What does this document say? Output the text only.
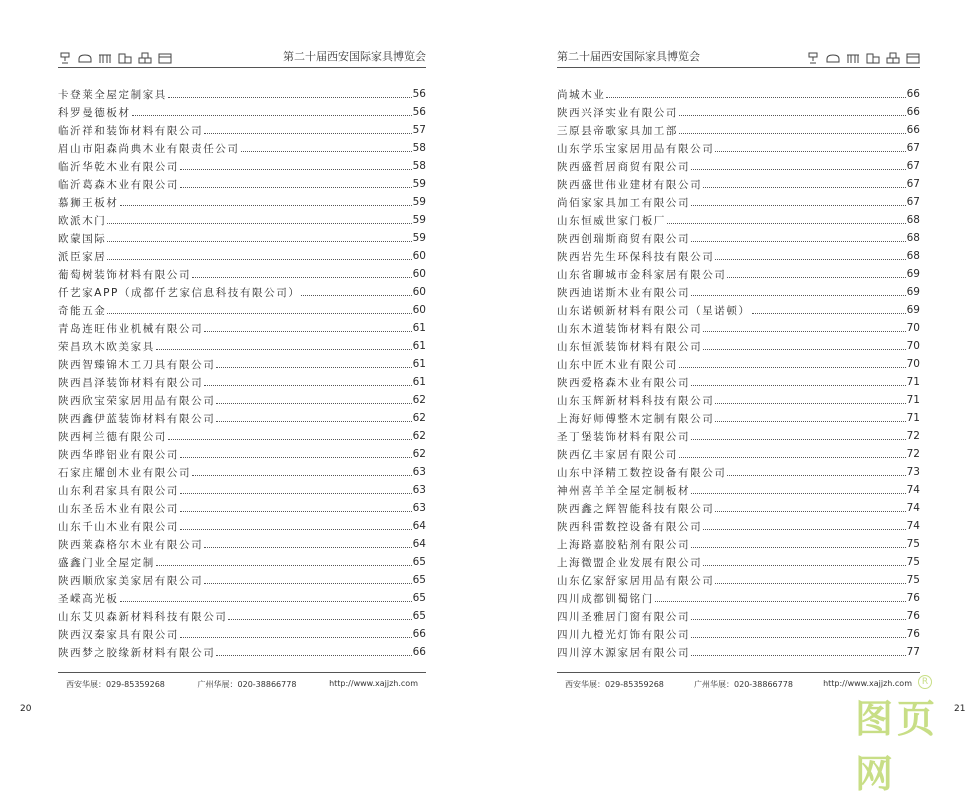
第二十届西安国际家具博览会
卡登莱全屋定制家具	56
科罗曼德板材	56
临沂祥和装饰材料有限公司	57
眉山市阳森尚典木业有限责任公司	58
临沂华乾木业有限公司	58
临沂葛森木业有限公司	59
慕狮王板材	59
欧派木门	59
欧蒙国际	59
派臣家居	60
葡萄树装饰材料有限公司	60
仟艺家APP（成都仟艺家信息科技有限公司）	60
奇能五金	60
青岛连旺伟业机械有限公司	61
荣昌玖木欧美家具	61
陕西智臻锦木工刀具有限公司	61
陕西昌泽装饰材料有限公司	61
陕西欣宝荣家居用品有限公司	62
陕西鑫伊蓝装饰材料有限公司	62
陕西柯兰德有限公司	62
陕西华晔铝业有限公司	62
石家庄耀创木业有限公司	63
山东利君家具有限公司	63
山东圣岳木业有限公司	63
山东千山木业有限公司	64
陕西莱森格尔木业有限公司	64
盛鑫门业全屋定制	65
陕西顺欣家美家居有限公司	65
圣嵘高光板	65
山东艾贝森新材料科技有限公司	65
陕西汉秦家具有限公司	66
陕西梦之胶缘新材料有限公司	66
西安华展：029-85359268	广州华展：020-38866778	http://www.xajjzh.com
20
第二十届西安国际家具博览会
尚城木业	66
陕西兴泽实业有限公司	66
三原县帝歌家具加工部	66
山东学乐宝家居用品有限公司	67
陕西盛哲居商贸有限公司	67
陕西盛世伟业建材有限公司	67
尚佰家家具加工有限公司	67
山东恒威世家门板厂	68
陕西创瑞斯商贸有限公司	68
陕西岩先生环保科技有限公司	68
山东省聊城市金科家居有限公司	69
陕西迪诺斯木业有限公司	69
山东诺顿新材料有限公司（星诺顿）	69
山东木道装饰材料有限公司	70
山东恒派装饰材料有限公司	70
山东中匠木业有限公司	70
陕西爱格森木业有限公司	71
山东玉辉新材料科技有限公司	71
上海好师傅整木定制有限公司	71
圣丁堡装饰材料有限公司	72
陕西亿丰家居有限公司	72
山东中泽精工数控设备有限公司	73
神州喜羊羊全屋定制板材	74
陕西鑫之辉智能科技有限公司	74
陕西科雷数控设备有限公司	74
上海路嘉胶粘剂有限公司	75
上海微盟企业发展有限公司	75
山东亿家舒家居用品有限公司	75
四川成都钏蜀铭门	76
四川圣雅居门窗有限公司	76
四川九橙光灯饰有限公司	76
四川淳木源家居有限公司	77
西安华展：029-85359268	广州华展：020-38866778	http://www.xajjzh.com
21
R
图页网
